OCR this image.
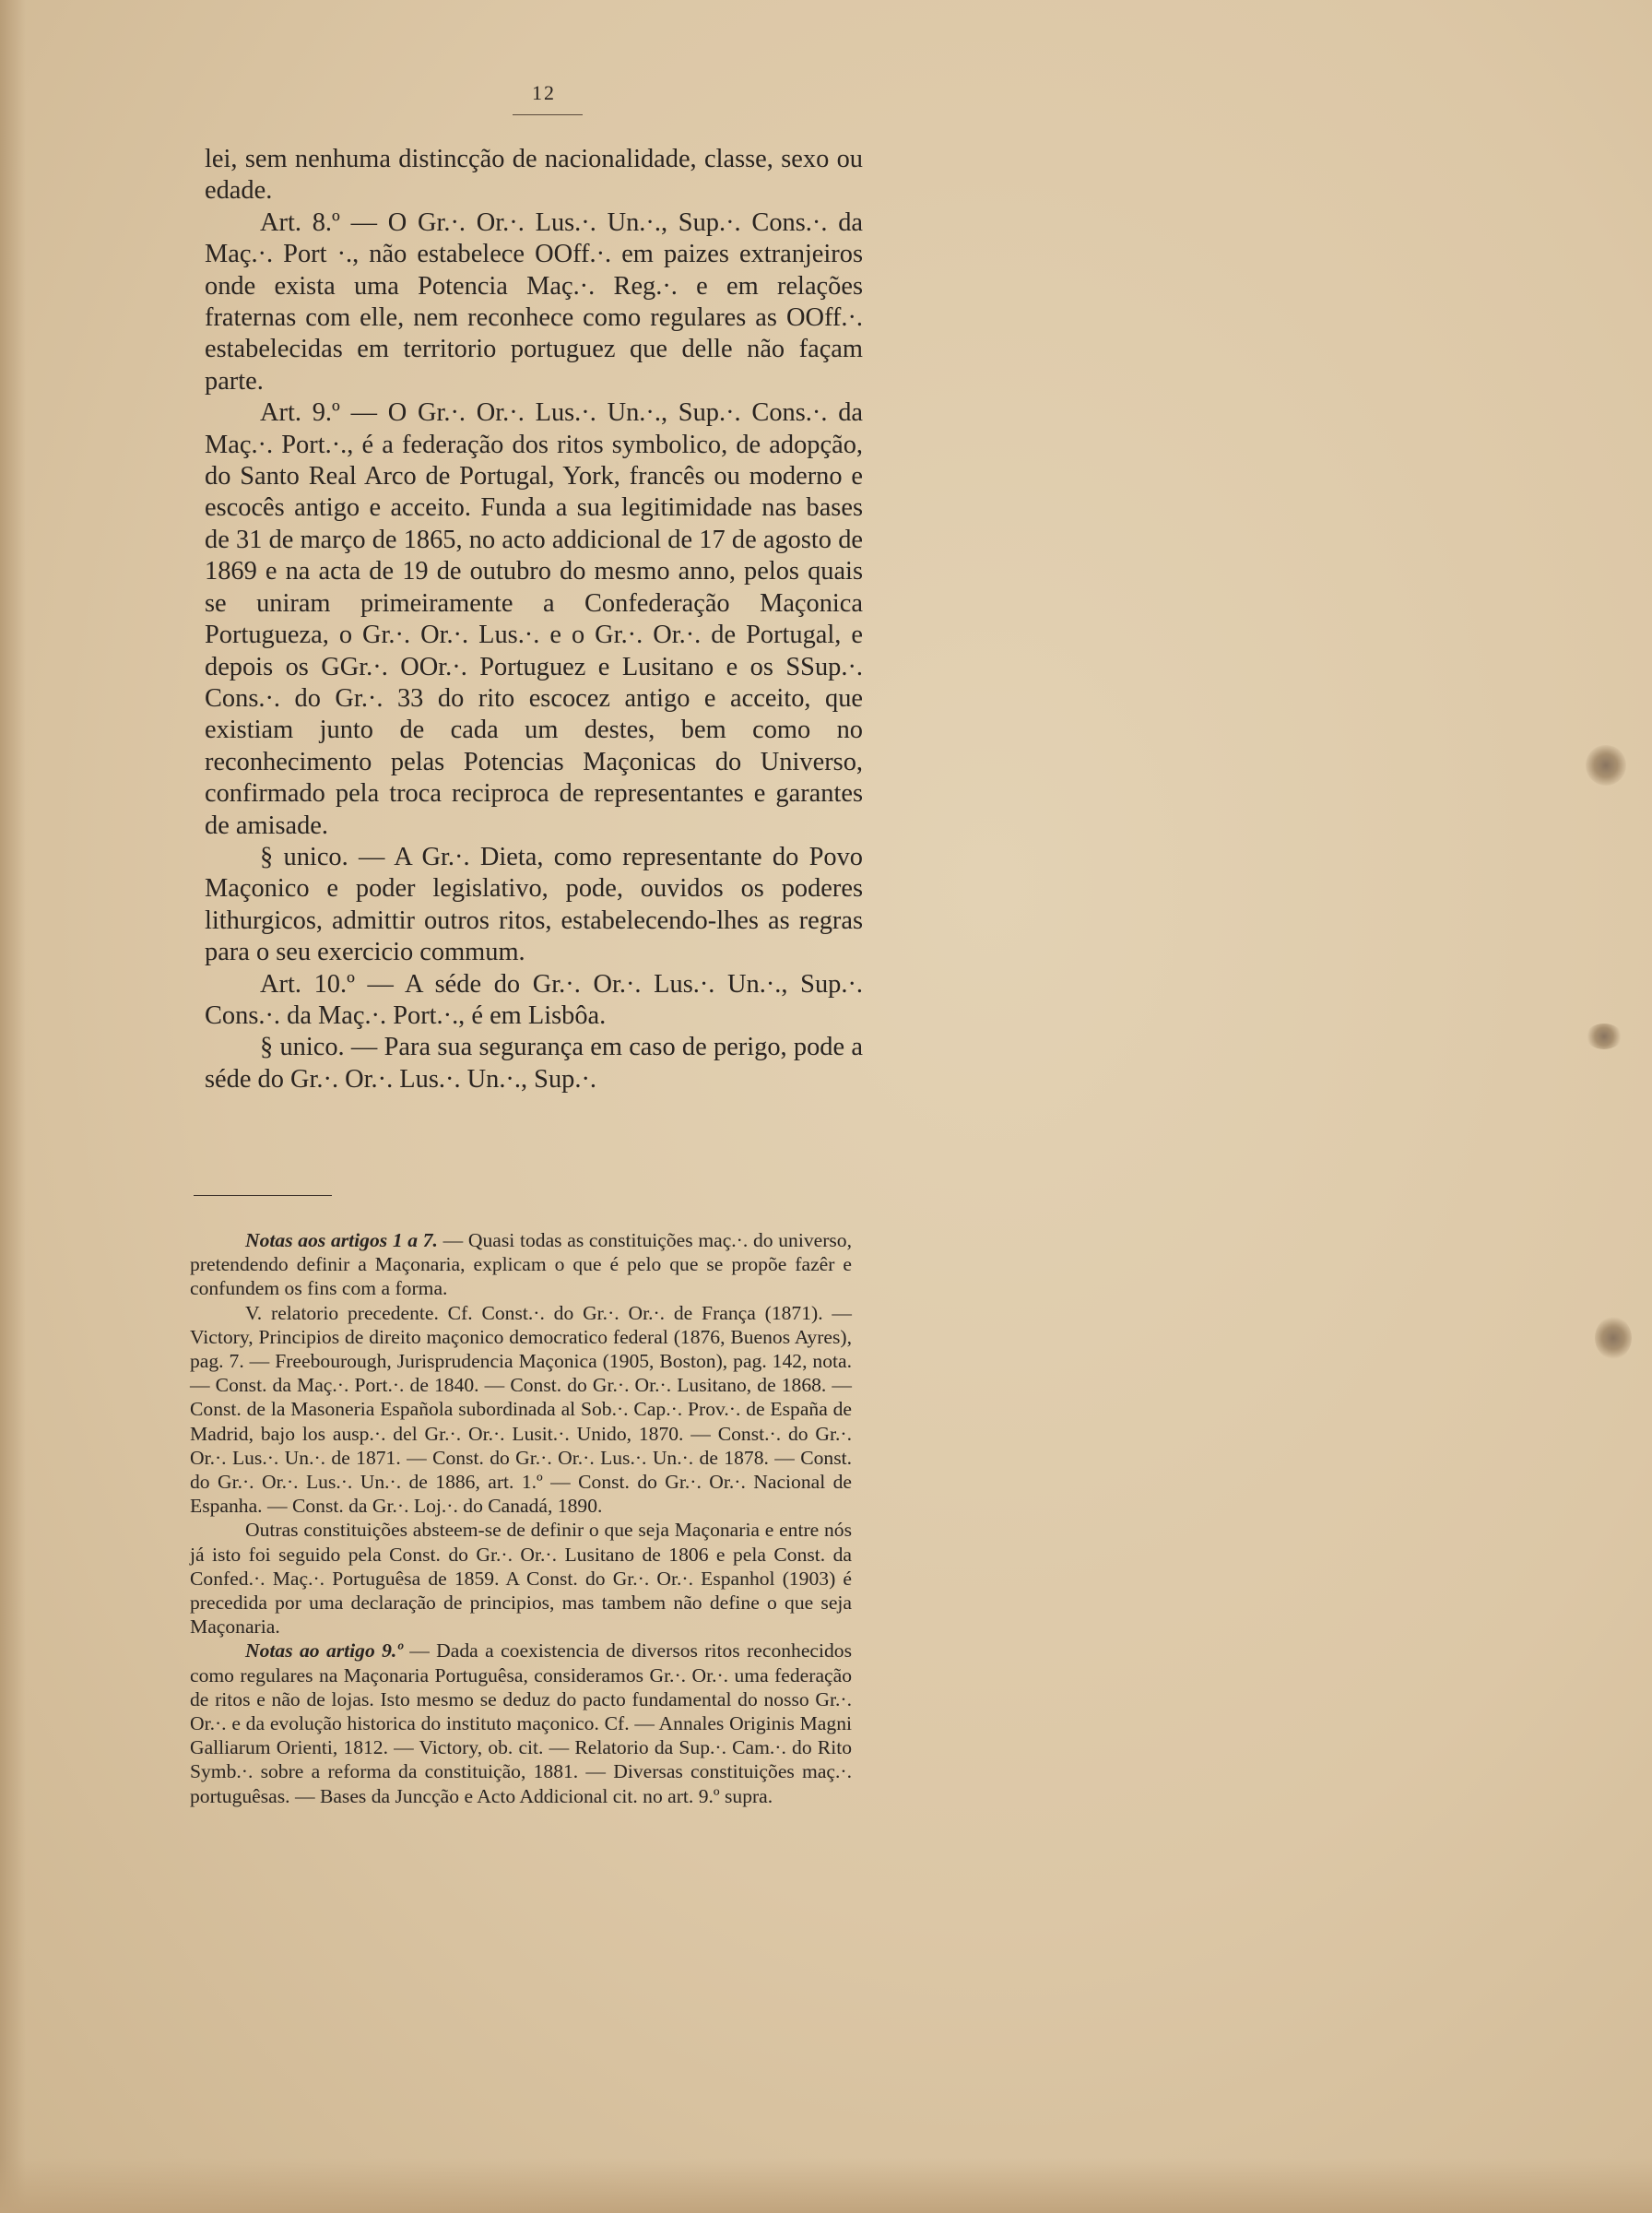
12

lei, sem nenhuma distincção de nacionalidade, classe, sexo ou edade.

Art. 8.º — O Gr.·. Or.·. Lus.·. Un.·., Sup.·. Cons.·. da Maç.·. Port ·., não estabelece OOff.·. em paizes extranjeiros onde exista uma Potencia Maç.·. Reg.·. e em relações fraternas com elle, nem reconhece como regulares as OOff.·. estabelecidas em territorio portuguez que delle não façam parte.

Art. 9.º — O Gr.·. Or.·. Lus.·. Un.·., Sup.·. Cons.·. da Maç.·. Port.·., é a federação dos ritos symbolico, de adopção, do Santo Real Arco de Portugal, York, francês ou moderno e escocês antigo e acceito. Funda a sua legitimidade nas bases de 31 de março de 1865, no acto addicional de 17 de agosto de 1869 e na acta de 19 de outubro do mesmo anno, pelos quais se uniram primeiramente a Confederação Maçonica Portugueza, o Gr.·. Or.·. Lus.·. e o Gr.·. Or.·. de Portugal, e depois os GGr.·. OOr.·. Portuguez e Lusitano e os SSup.·. Cons.·. do Gr.·. 33 do rito escocez antigo e acceito, que existiam junto de cada um destes, bem como no reconhecimento pelas Potencias Maçonicas do Universo, confirmado pela troca reciproca de representantes e garantes de amisade.

§ unico. — A Gr.·. Dieta, como representante do Povo Maçonico e poder legislativo, pode, ouvidos os poderes lithurgicos, admittir outros ritos, estabelecendo-lhes as regras para o seu exercicio commum.

Art. 10.º — A séde do Gr.·. Or.·. Lus.·. Un.·., Sup.·. Cons.·. da Maç.·. Port.·., é em Lisbôa.

§ unico. — Para sua segurança em caso de perigo, pode a séde do Gr.·. Or.·. Lus.·. Un.·., Sup.·.

Notas aos artigos 1 a 7. — Quasi todas as constituições maç.·. do universo, pretendendo definir a Maçonaria, explicam o que é pelo que se propõe fazêr e confundem os fins com a forma.

V. relatorio precedente. Cf. Const.·. do Gr.·. Or.·. de França (1871). — Victory, Principios de direito maçonico democratico federal (1876, Buenos Ayres), pag. 7. — Freebourough, Jurisprudencia Maçonica (1905, Boston), pag. 142, nota. — Const. da Maç.·. Port.·. de 1840. — Const. do Gr.·. Or.·. Lusitano, de 1868. — Const. de la Masoneria Española subordinada al Sob.·. Cap.·. Prov.·. de España de Madrid, bajo los ausp.·. del Gr.·. Or.·. Lusit.·. Unido, 1870. — Const.·. do Gr.·. Or.·. Lus.·. Un.·. de 1871. — Const. do Gr.·. Or.·. Lus.·. Un.·. de 1878. — Const. do Gr.·. Or.·. Lus.·. Un.·. de 1886, art. 1.º — Const. do Gr.·. Or.·. Nacional de Espanha. — Const. da Gr.·. Loj.·. do Canadá, 1890.

Outras constituições absteem-se de definir o que seja Maçonaria e entre nós já isto foi seguido pela Const. do Gr.·. Or.·. Lusitano de 1806 e pela Const. da Confed.·. Maç.·. Portuguêsa de 1859. A Const. do Gr.·. Or.·. Espanhol (1903) é precedida por uma declaração de principios, mas tambem não define o que seja Maçonaria.

Notas ao artigo 9.º — Dada a coexistencia de diversos ritos reconhecidos como regulares na Maçonaria Portuguêsa, consideramos Gr.·. Or.·. uma federação de ritos e não de lojas. Isto mesmo se deduz do pacto fundamental do nosso Gr.·. Or.·. e da evolução historica do instituto maçonico. Cf. — Annales Originis Magni Galliarum Orienti, 1812. — Victory, ob. cit. — Relatorio da Sup.·. Cam.·. do Rito Symb.·. sobre a reforma da constituição, 1881. — Diversas constituições maç.·. portuguêsas. — Bases da Juncção e Acto Addicional cit. no art. 9.º supra.
